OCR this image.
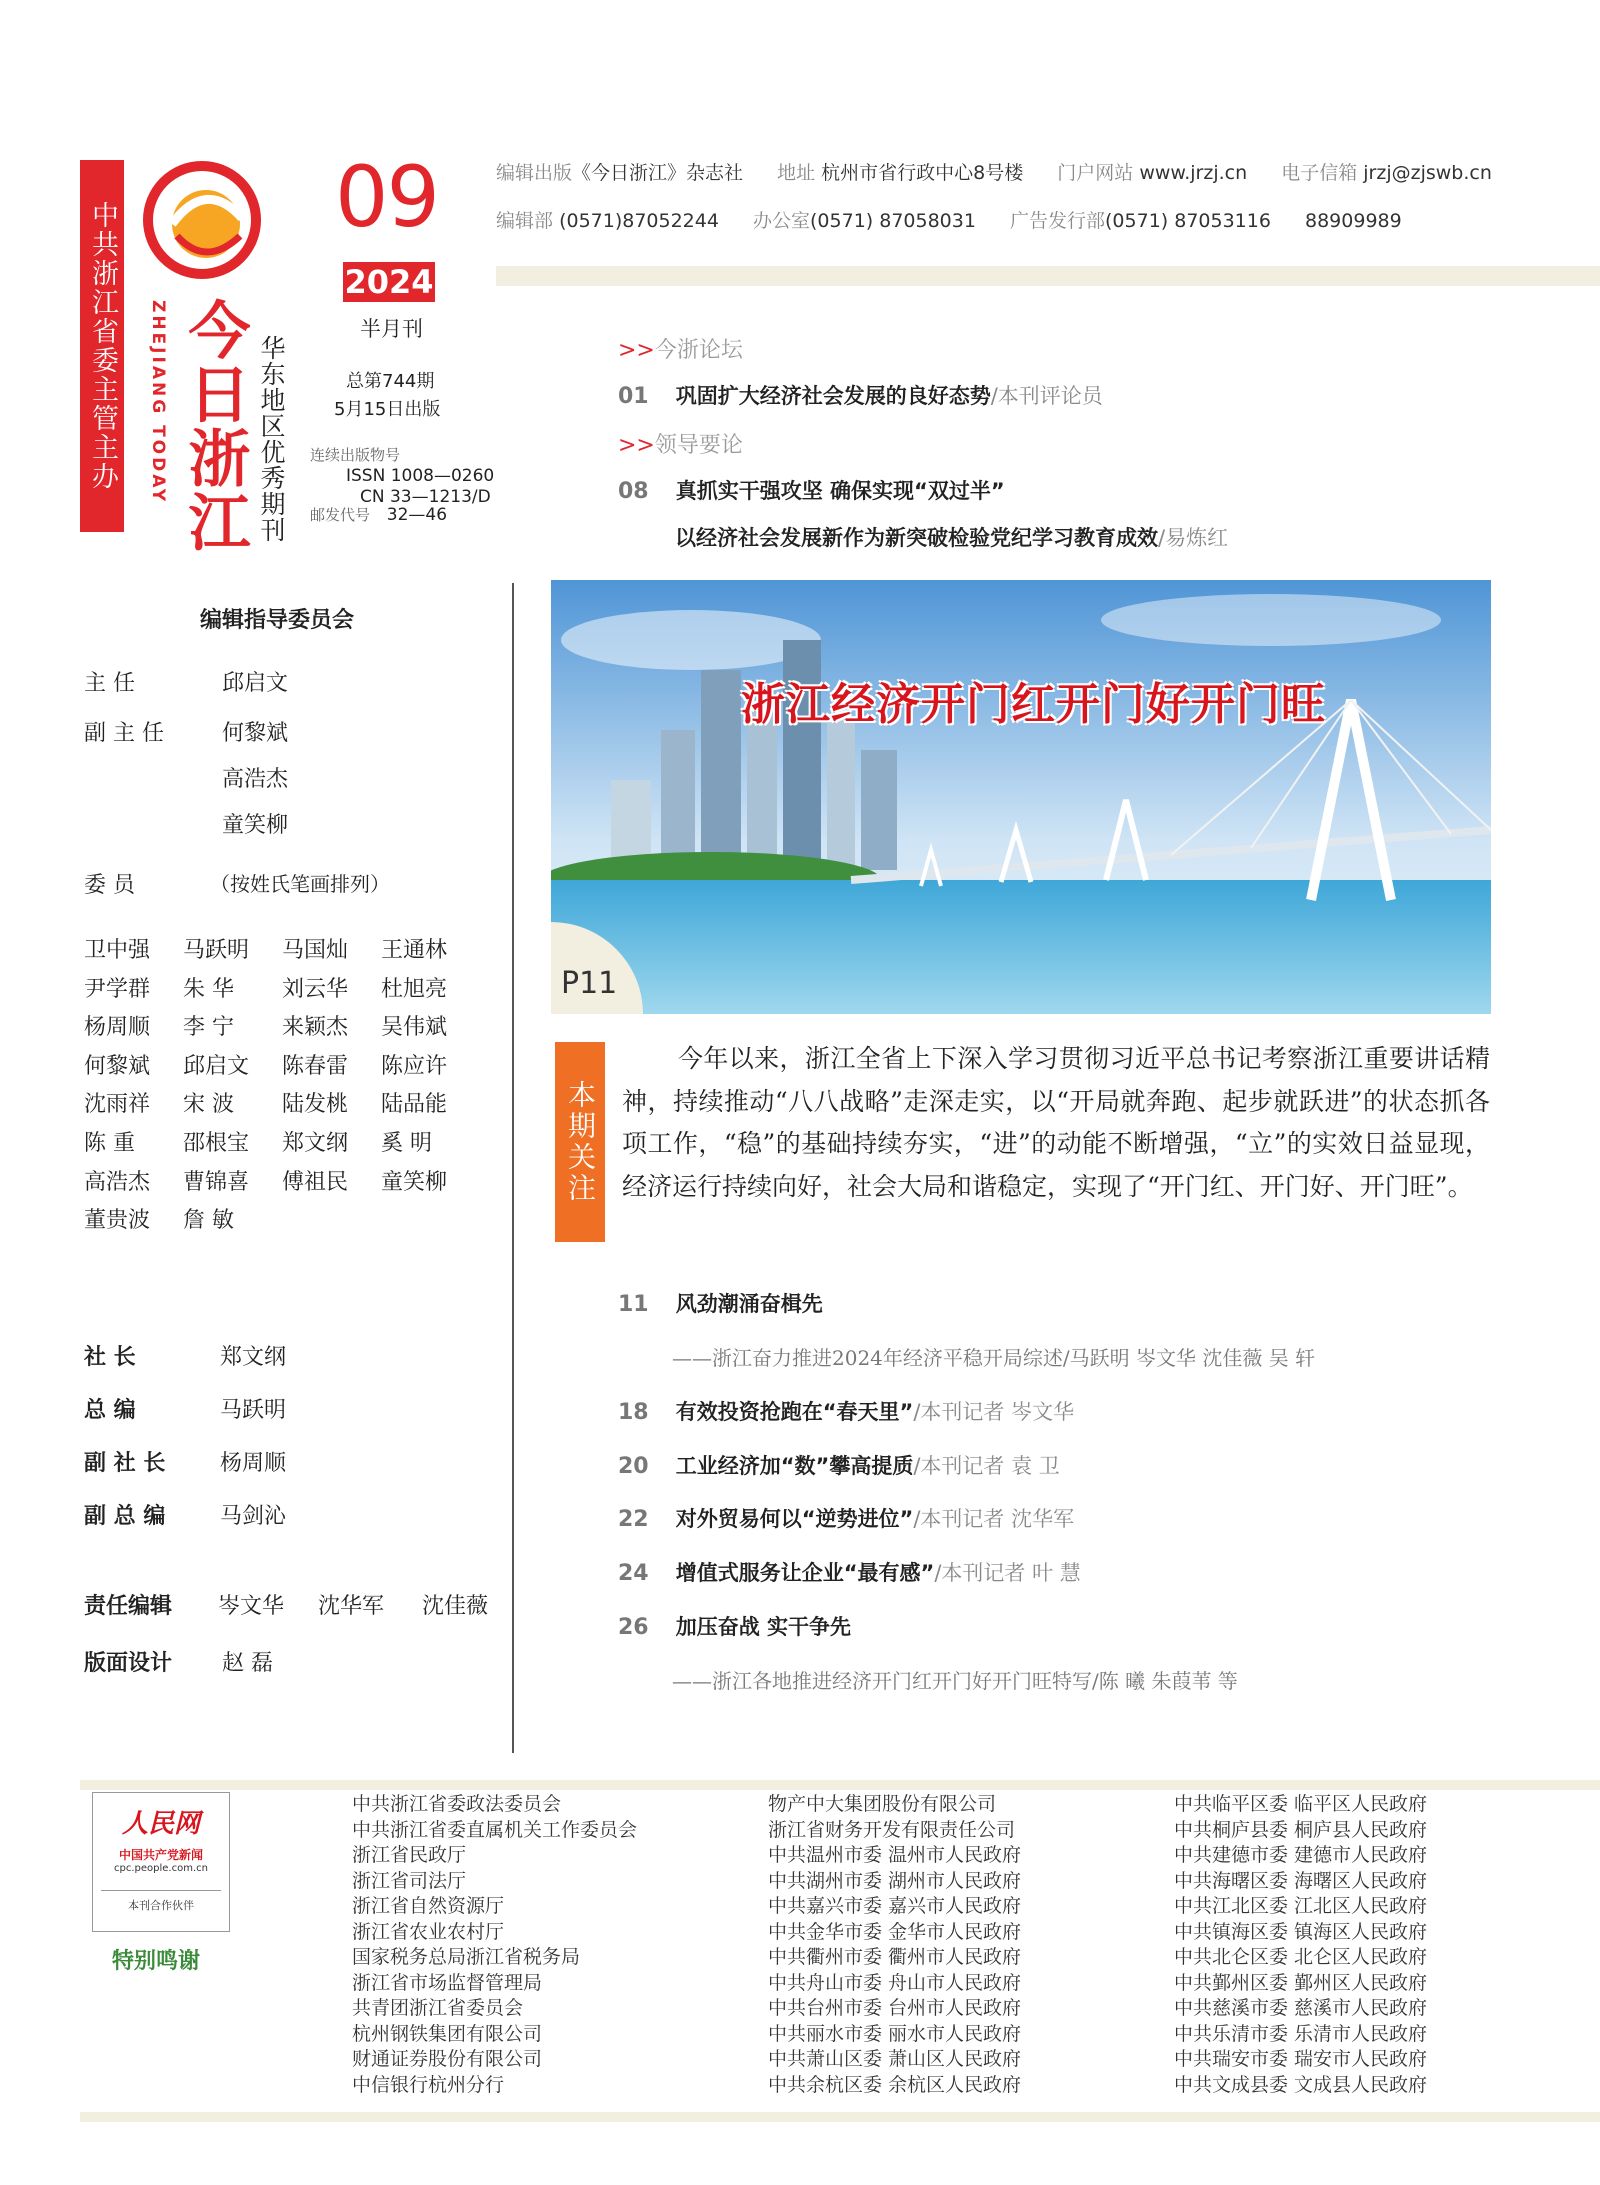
中共浙江省委主管主办 今日浙江
ZHEJIANG TODAY	华东地区优秀期刊
09
2024
半月刊
总第744期
5月15日出版
连续出版物号
ISSN 1008—0260
CN 33—1213/D
邮发代号 32—46
编辑出版《今日浙江》杂志社 地址 杭州市省行政中心8号楼 门户网站 www.jrzj.cn 电子信箱 jrzj@zjswb.cn
编辑部 (0571)87052244 办公室(0571) 87058031 广告发行部(0571) 87053116 88909989
>>今浙论坛
01 巩固扩大经济社会发展的良好态势/本刊评论员
>>领导要论
08 真抓实干强攻坚 确保实现“双过半”
以经济社会发展新作为新突破检验党纪学习教育成效/易炼红
编辑指导委员会
主 任	邱启文
副 主 任	何黎斌
高浩杰
童笑柳
委 员	（按姓氏笔画排列）
卫中强 马跃明 马国灿 王通林
尹学群 朱 华 刘云华 杜旭亮
杨周顺 李 宁 来颖杰 吴伟斌
何黎斌 邱启文 陈春雷 陈应许
沈雨祥 宋 波 陆发桃 陆品能
陈 重 邵根宝 郑文纲 奚 明
高浩杰 曹锦喜 傅祖民 童笑柳
董贵波 詹 敏
社 长	郑文纲
总 编	马跃明
副 社 长 杨周顺
副 总 编 马剑沁
责任编辑 岑文华 沈华军 沈佳薇
版面设计 赵 磊
浙江经济开门红开门好开门旺
P11
本期关注
今年以来，浙江全省上下深入学习贯彻习近平总书记考察浙江重要讲话精神，持续推动“八八战略”走深走实，以“开局就奔跑、起步就跃进”的状态抓各项工作，“稳”的基础持续夯实，“进”的动能不断增强，“立”的实效日益显现，经济运行持续向好，社会大局和谐稳定，实现了“开门红、开门好、开门旺”。
11 风劲潮涌奋楫先
——浙江奋力推进2024年经济平稳开局综述/马跃明 岑文华 沈佳薇 吴 轩
18 有效投资抢跑在“春天里”/本刊记者 岑文华
20 工业经济加“数”攀高提质/本刊记者 袁 卫
22 对外贸易何以“逆势进位”/本刊记者 沈华军
24 增值式服务让企业“最有感”/本刊记者 叶 慧
26 加压奋战 实干争先
——浙江各地推进经济开门红开门好开门旺特写/陈 曦 朱葭苇 等
人民网
中国共产党新闻
cpc.people.com.cn
本刊合作伙伴
特别鸣谢
中共浙江省委政法委员会
中共浙江省委直属机关工作委员会
浙江省民政厅
浙江省司法厅
浙江省自然资源厅
浙江省农业农村厅
国家税务总局浙江省税务局
浙江省市场监督管理局
共青团浙江省委员会
杭州钢铁集团有限公司
财通证券股份有限公司
中信银行杭州分行
物产中大集团股份有限公司
浙江省财务开发有限责任公司
中共温州市委 温州市人民政府
中共湖州市委 湖州市人民政府
中共嘉兴市委 嘉兴市人民政府
中共金华市委 金华市人民政府
中共衢州市委 衢州市人民政府
中共舟山市委 舟山市人民政府
中共台州市委 台州市人民政府
中共丽水市委 丽水市人民政府
中共萧山区委 萧山区人民政府
中共余杭区委 余杭区人民政府
中共临平区委 临平区人民政府
中共桐庐县委 桐庐县人民政府
中共建德市委 建德市人民政府
中共海曙区委 海曙区人民政府
中共江北区委 江北区人民政府
中共镇海区委 镇海区人民政府
中共北仑区委 北仑区人民政府
中共鄞州区委 鄞州区人民政府
中共慈溪市委 慈溪市人民政府
中共乐清市委 乐清市人民政府
中共瑞安市委 瑞安市人民政府
中共文成县委 文成县人民政府
